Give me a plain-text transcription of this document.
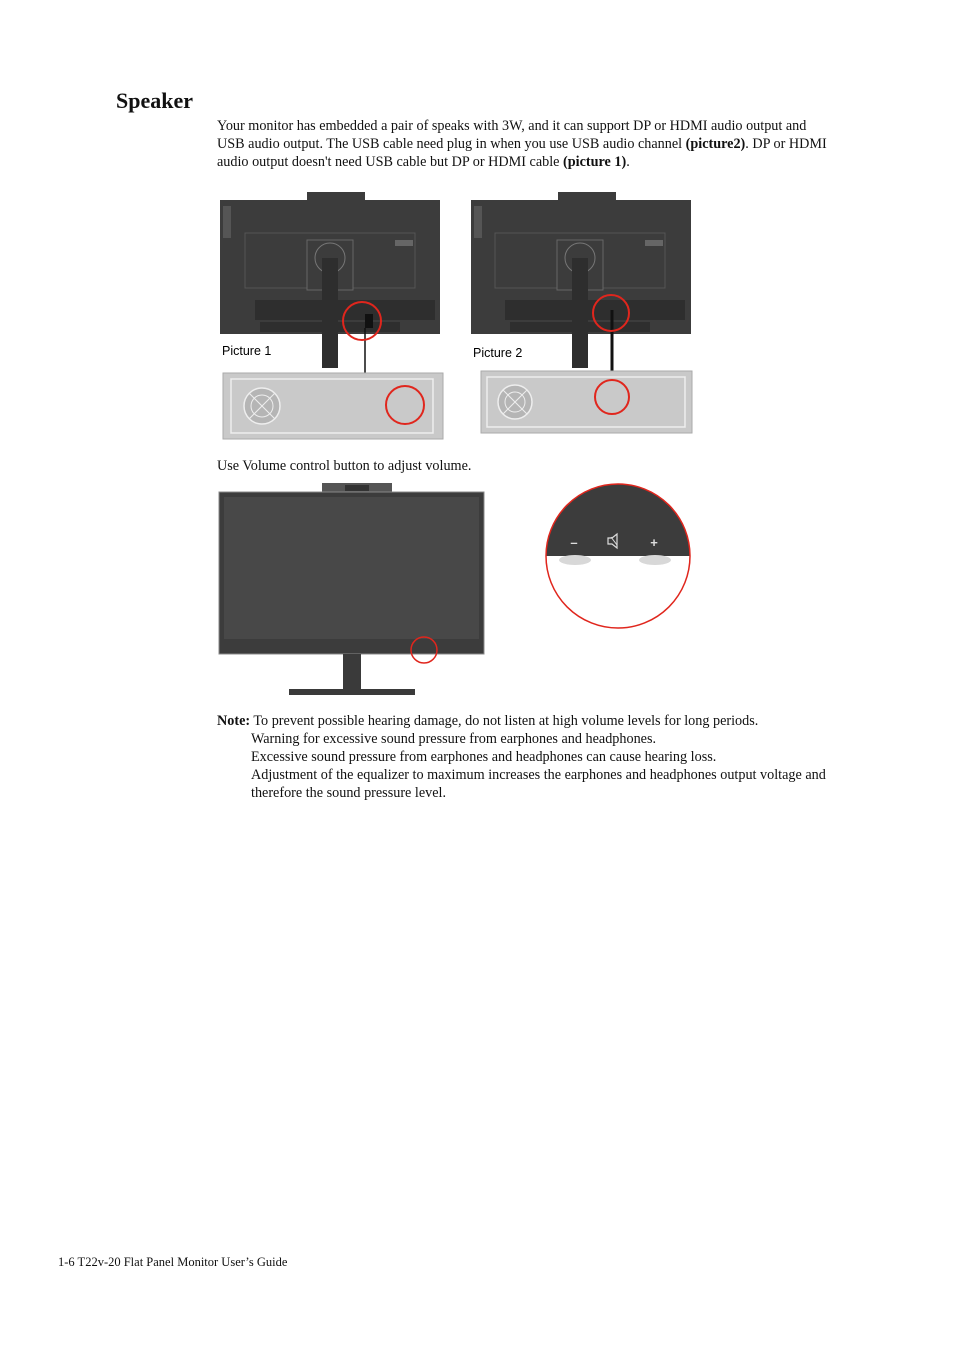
Speaker
Your monitor has embedded a pair of speaks with 3W, and it can support DP or HDMI audio output and USB audio output. The USB cable need plug in when you use USB audio channel (picture2). DP or HDMI audio output doesn't need USB cable but DP or HDMI cable (picture 1).
Picture 1	Picture 2
Use Volume control button to adjust volume.
–	+
Note: To prevent possible hearing damage, do not listen at high volume levels for long periods.
Warning for excessive sound pressure from earphones and headphones.
Excessive sound pressure from earphones and headphones can cause hearing loss.
Adjustment of the equalizer to maximum increases the earphones and headphones output voltage and therefore the sound pressure level.
1-6 T22v-20 Flat Panel Monitor User’s Guide
